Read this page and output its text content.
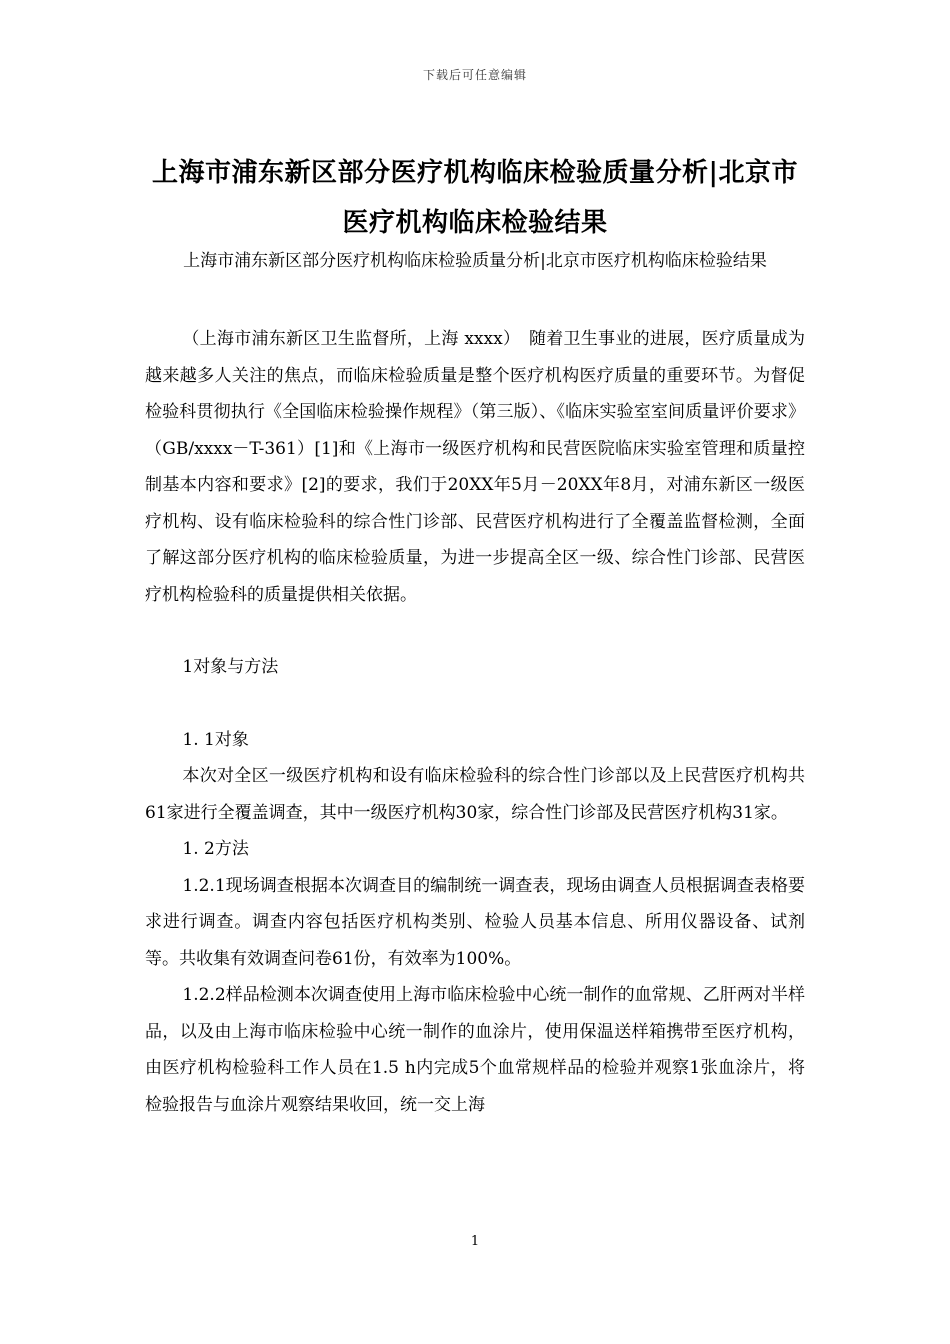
下载后可任意编辑
上海市浦东新区部分医疗机构临床检验质量分析|北京市医疗机构临床检验结果
上海市浦东新区部分医疗机构临床检验质量分析|北京市医疗机构临床检验结果

（上海市浦东新区卫生监督所，上海 xxxx）　随着卫生事业的进展，医疗质量成为越来越多人关注的焦点，而临床检验质量是整个医疗机构医疗质量的重要环节。为督促检验科贯彻执行《全国临床检验操作规程》（第三版）、《临床实验室室间质量评价要求》（GB/xxxx－T-361）[1]和《上海市一级医疗机构和民营医院临床实验室管理和质量控制基本内容和要求》[2]的要求，我们于20XX年5月－20XX年8月，对浦东新区一级医疗机构、设有临床检验科的综合性门诊部、民营医疗机构进行了全覆盖监督检测，全面了解这部分医疗机构的临床检验质量，为进一步提高全区一级、综合性门诊部、民营医疗机构检验科的质量提供相关依据。

1对象与方法

1. 1对象

本次对全区一级医疗机构和设有临床检验科的综合性门诊部以及上民营医疗机构共61家进行全覆盖调查，其中一级医疗机构30家，综合性门诊部及民营医疗机构31家。

1. 2方法

1.2.1现场调查根据本次调查目的编制统一调查表，现场由调查人员根据调查表格要求进行调查。调查内容包括医疗机构类别、检验人员基本信息、所用仪器设备、试剂等。共收集有效调查问卷61份，有效率为100%。

1.2.2样品检测本次调查使用上海市临床检验中心统一制作的血常规、乙肝两对半样品，以及由上海市临床检验中心统一制作的血涂片，使用保温送样箱携带至医疗机构，由医疗机构检验科工作人员在1.5 h内完成5个血常规样品的检验并观察1张血涂片，将检验报告与血涂片观察结果收回，统一交上海

1
